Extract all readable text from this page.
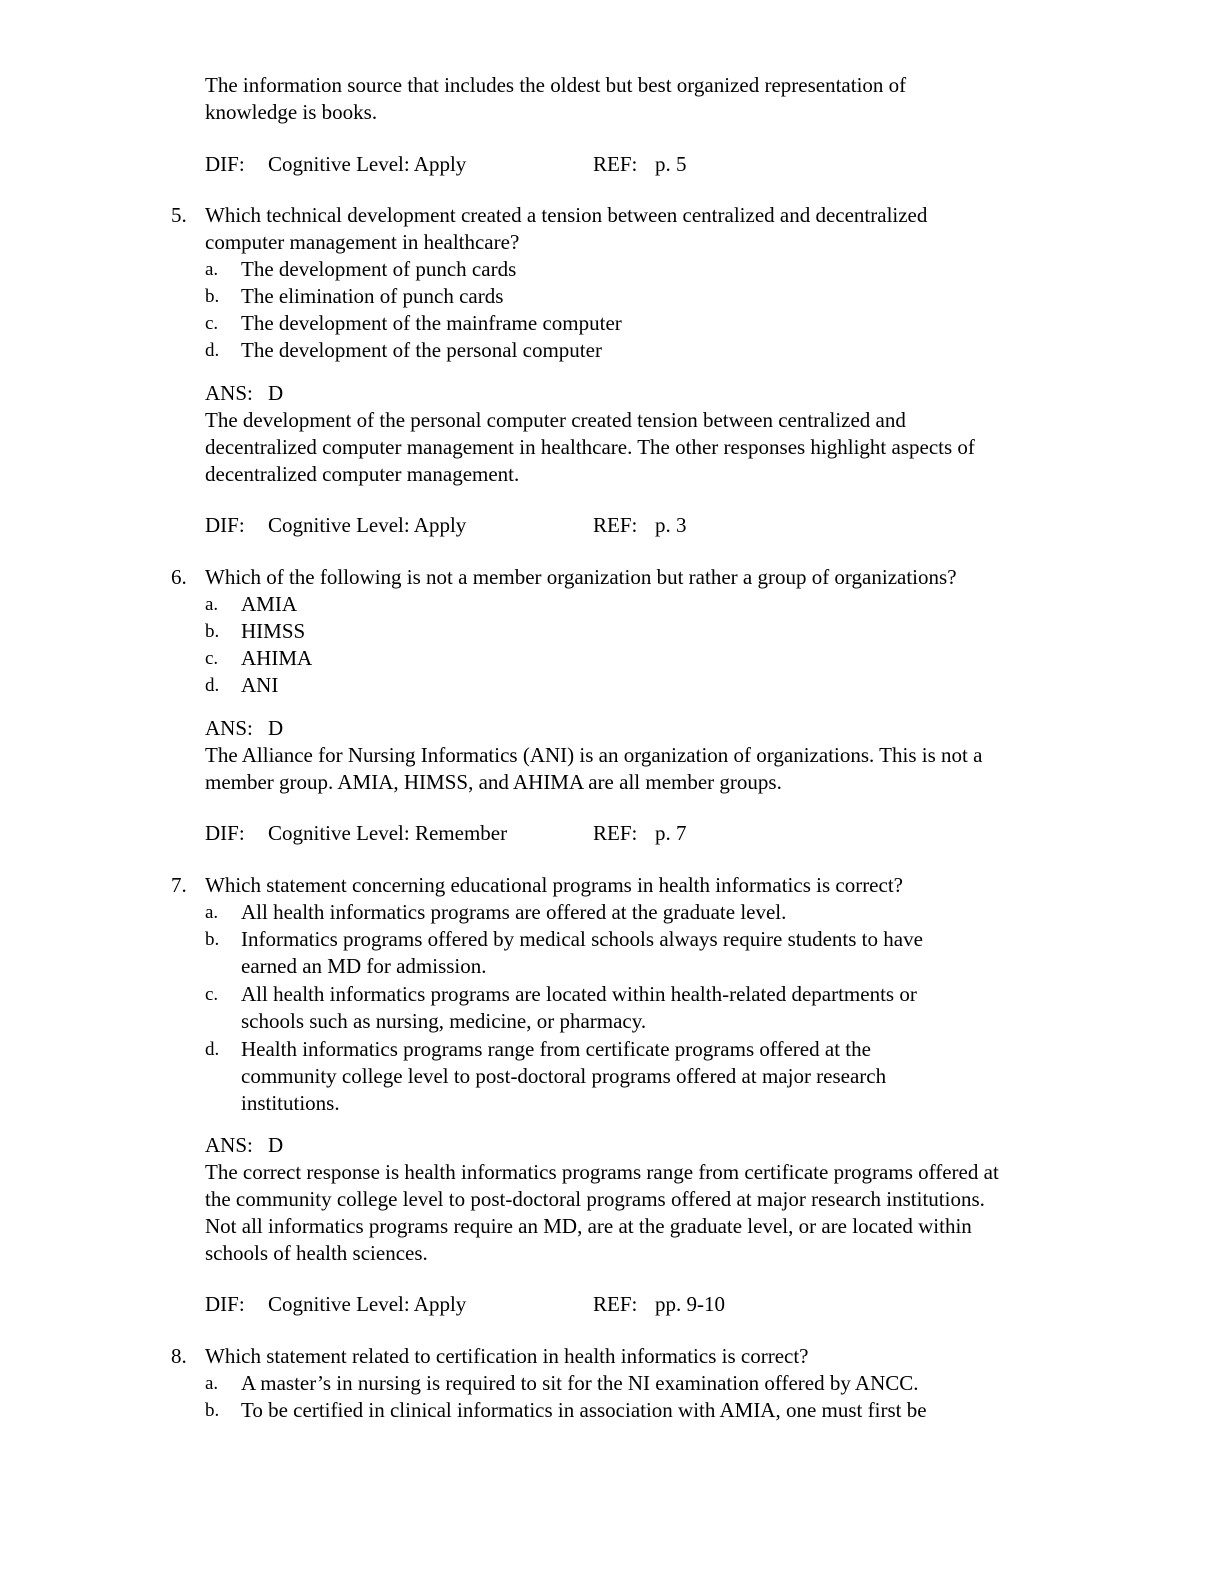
The information source that includes the oldest but best organized representation of
knowledge is books.
DIF: Cognitive Level: Apply	REF: p. 5
5. Which technical development created a tension between centralized and decentralized
computer management in healthcare?
a. The development of punch cards
b. The elimination of punch cards
c. The development of the mainframe computer
d. The development of the personal computer
ANS: D
The development of the personal computer created tension between centralized and
decentralized computer management in healthcare. The other responses highlight aspects of
decentralized computer management.
DIF: Cognitive Level: Apply	REF: p. 3
6. Which of the following is not a member organization but rather a group of organizations?
a. AMIA
b. HIMSS
c. AHIMA
d. ANI
ANS: D
The Alliance for Nursing Informatics (ANI) is an organization of organizations. This is not a
member group. AMIA, HIMSS, and AHIMA are all member groups.
DIF: Cognitive Level: Remember	REF: p. 7
7. Which statement concerning educational programs in health informatics is correct?
a. All health informatics programs are offered at the graduate level.
b. Informatics programs offered by medical schools always require students to have
earned an MD for admission.
c. All health informatics programs are located within health-related departments or
schools such as nursing, medicine, or pharmacy.
d. Health informatics programs range from certificate programs offered at the
community college level to post-doctoral programs offered at major research
institutions.
ANS: D
The correct response is health informatics programs range from certificate programs offered at
the community college level to post-doctoral programs offered at major research institutions.
Not all informatics programs require an MD, are at the graduate level, or are located within
schools of health sciences.
DIF: Cognitive Level: Apply	REF: pp. 9-10
8. Which statement related to certification in health informatics is correct?
a. A master’s in nursing is required to sit for the NI examination offered by ANCC.
b. To be certified in clinical informatics in association with AMIA, one must first be
